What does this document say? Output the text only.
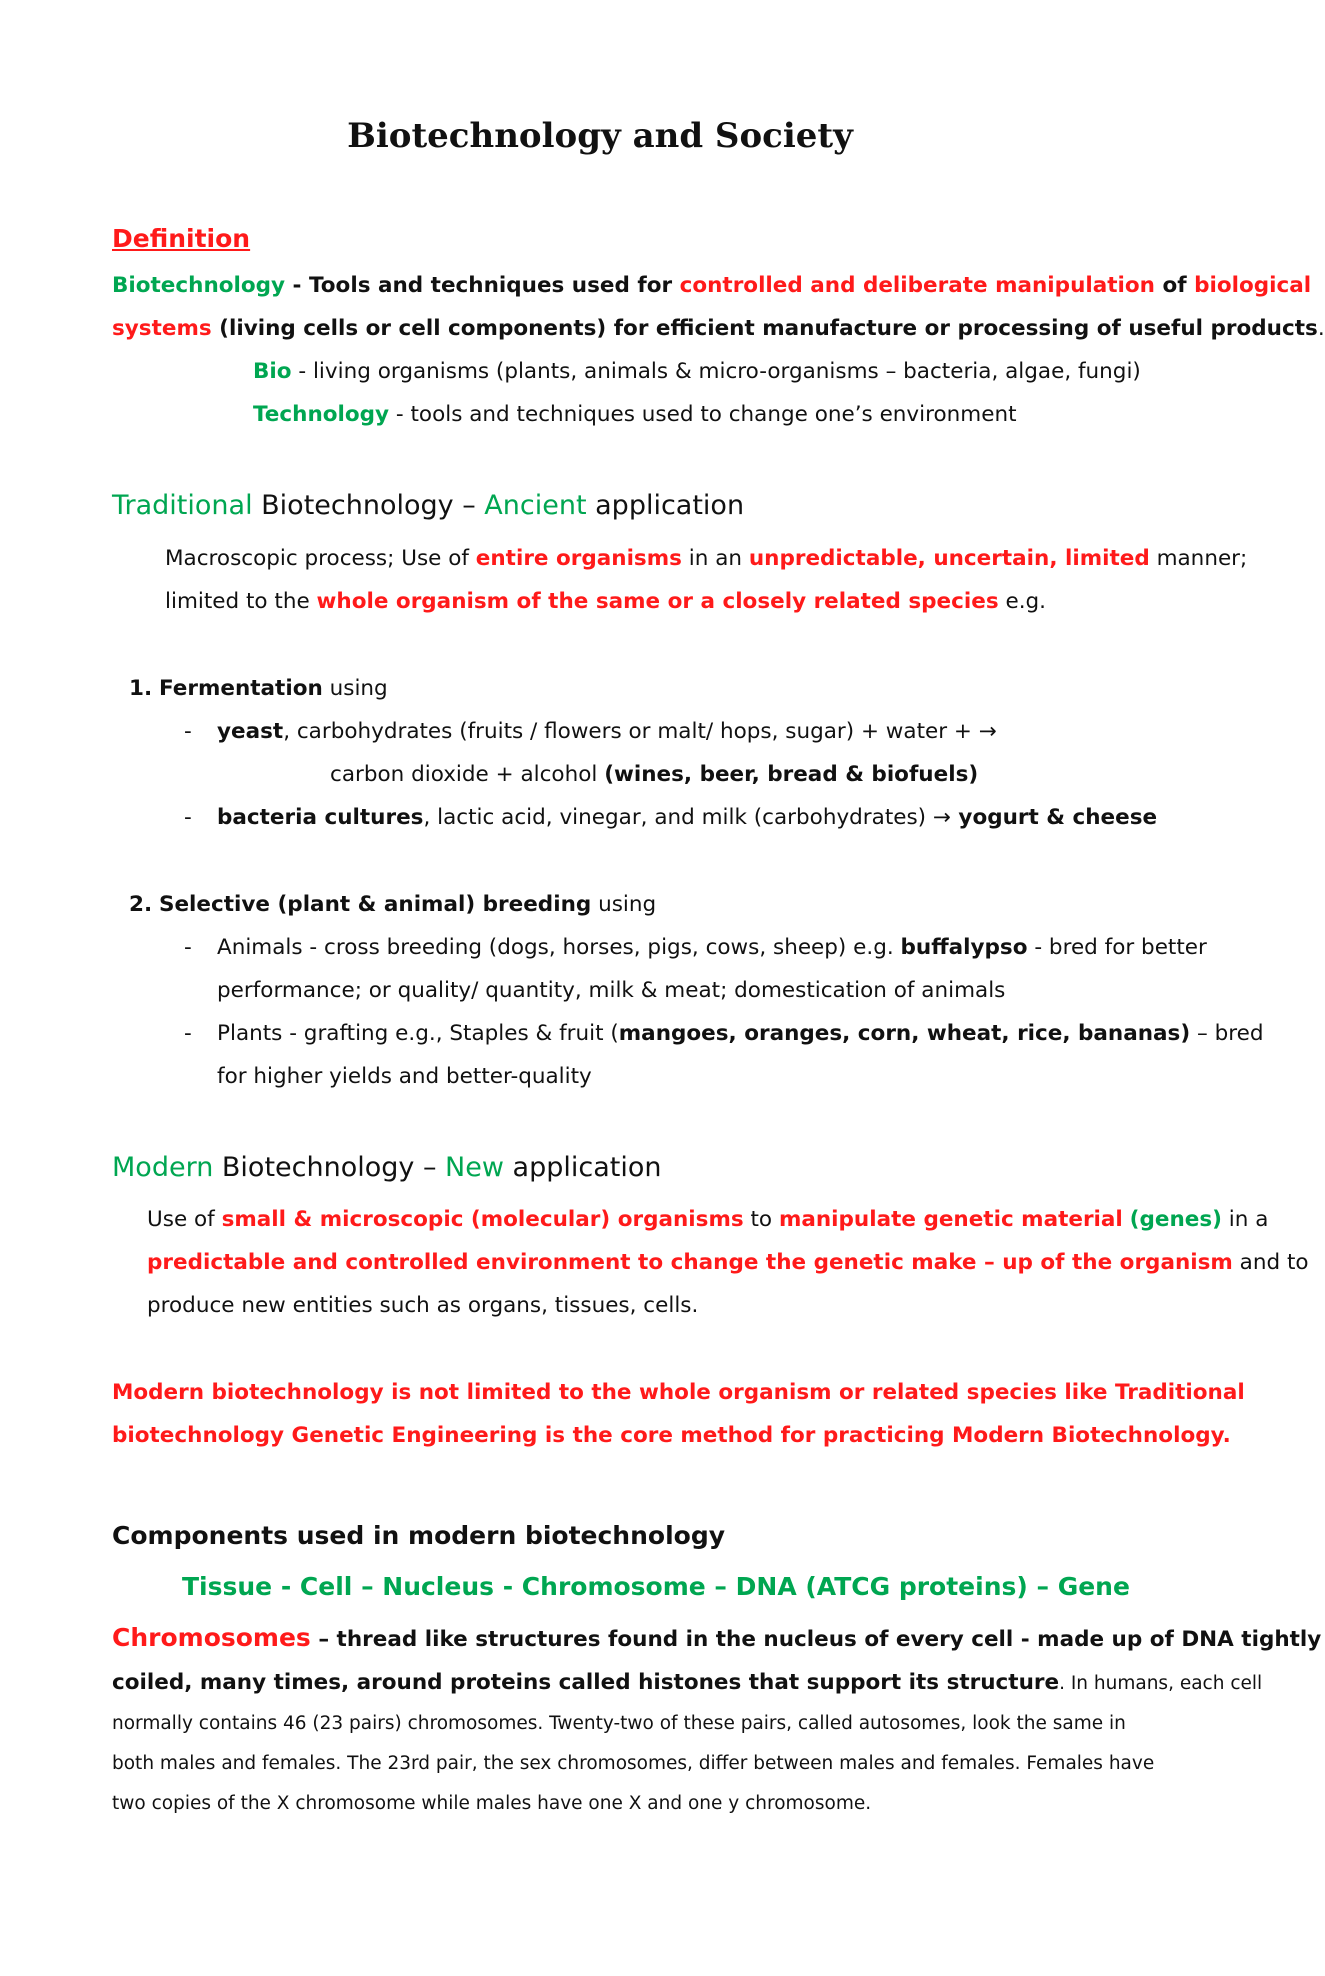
Biotechnology and Society
Definition
Biotechnology - Tools and techniques used for controlled and deliberate manipulation of biological
systems (living cells or cell components) for efficient manufacture or processing of useful products.
Bio - living organisms (plants, animals & micro-organisms – bacteria, algae, fungi)
Technology - tools and techniques used to change one’s environment
Traditional Biotechnology – Ancient application
Macroscopic process; Use of entire organisms in an unpredictable, uncertain, limited manner;
limited to the whole organism of the same or a closely related species e.g.
1. Fermentation using
- yeast, carbohydrates (fruits / flowers or malt/ hops, sugar) + water + →
carbon dioxide + alcohol (wines, beer, bread & biofuels)
- bacteria cultures, lactic acid, vinegar, and milk (carbohydrates) → yogurt & cheese
2. Selective (plant & animal) breeding using
- Animals - cross breeding (dogs, horses, pigs, cows, sheep) e.g. buffalypso - bred for better
performance; or quality/ quantity, milk & meat; domestication of animals
- Plants - grafting e.g., Staples & fruit (mangoes, oranges, corn, wheat, rice, bananas) – bred
for higher yields and better-quality
Modern Biotechnology – New application
Use of small & microscopic (molecular) organisms to manipulate genetic material (genes) in a
predictable and controlled environment to change the genetic make – up of the organism and to
produce new entities such as organs, tissues, cells.
Modern biotechnology is not limited to the whole organism or related species like Traditional
biotechnology Genetic Engineering is the core method for practicing Modern Biotechnology.
Components used in modern biotechnology
Tissue - Cell – Nucleus - Chromosome – DNA (ATCG proteins) – Gene
Chromosomes – thread like structures found in the nucleus of every cell - made up of DNA tightly
coiled, many times, around proteins called histones that support its structure. In humans, each cell
normally contains 46 (23 pairs) chromosomes. Twenty-two of these pairs, called autosomes, look the same in
both males and females. The 23rd pair, the sex chromosomes, differ between males and females. Females have
two copies of the X chromosome while males have one X and one y chromosome.
